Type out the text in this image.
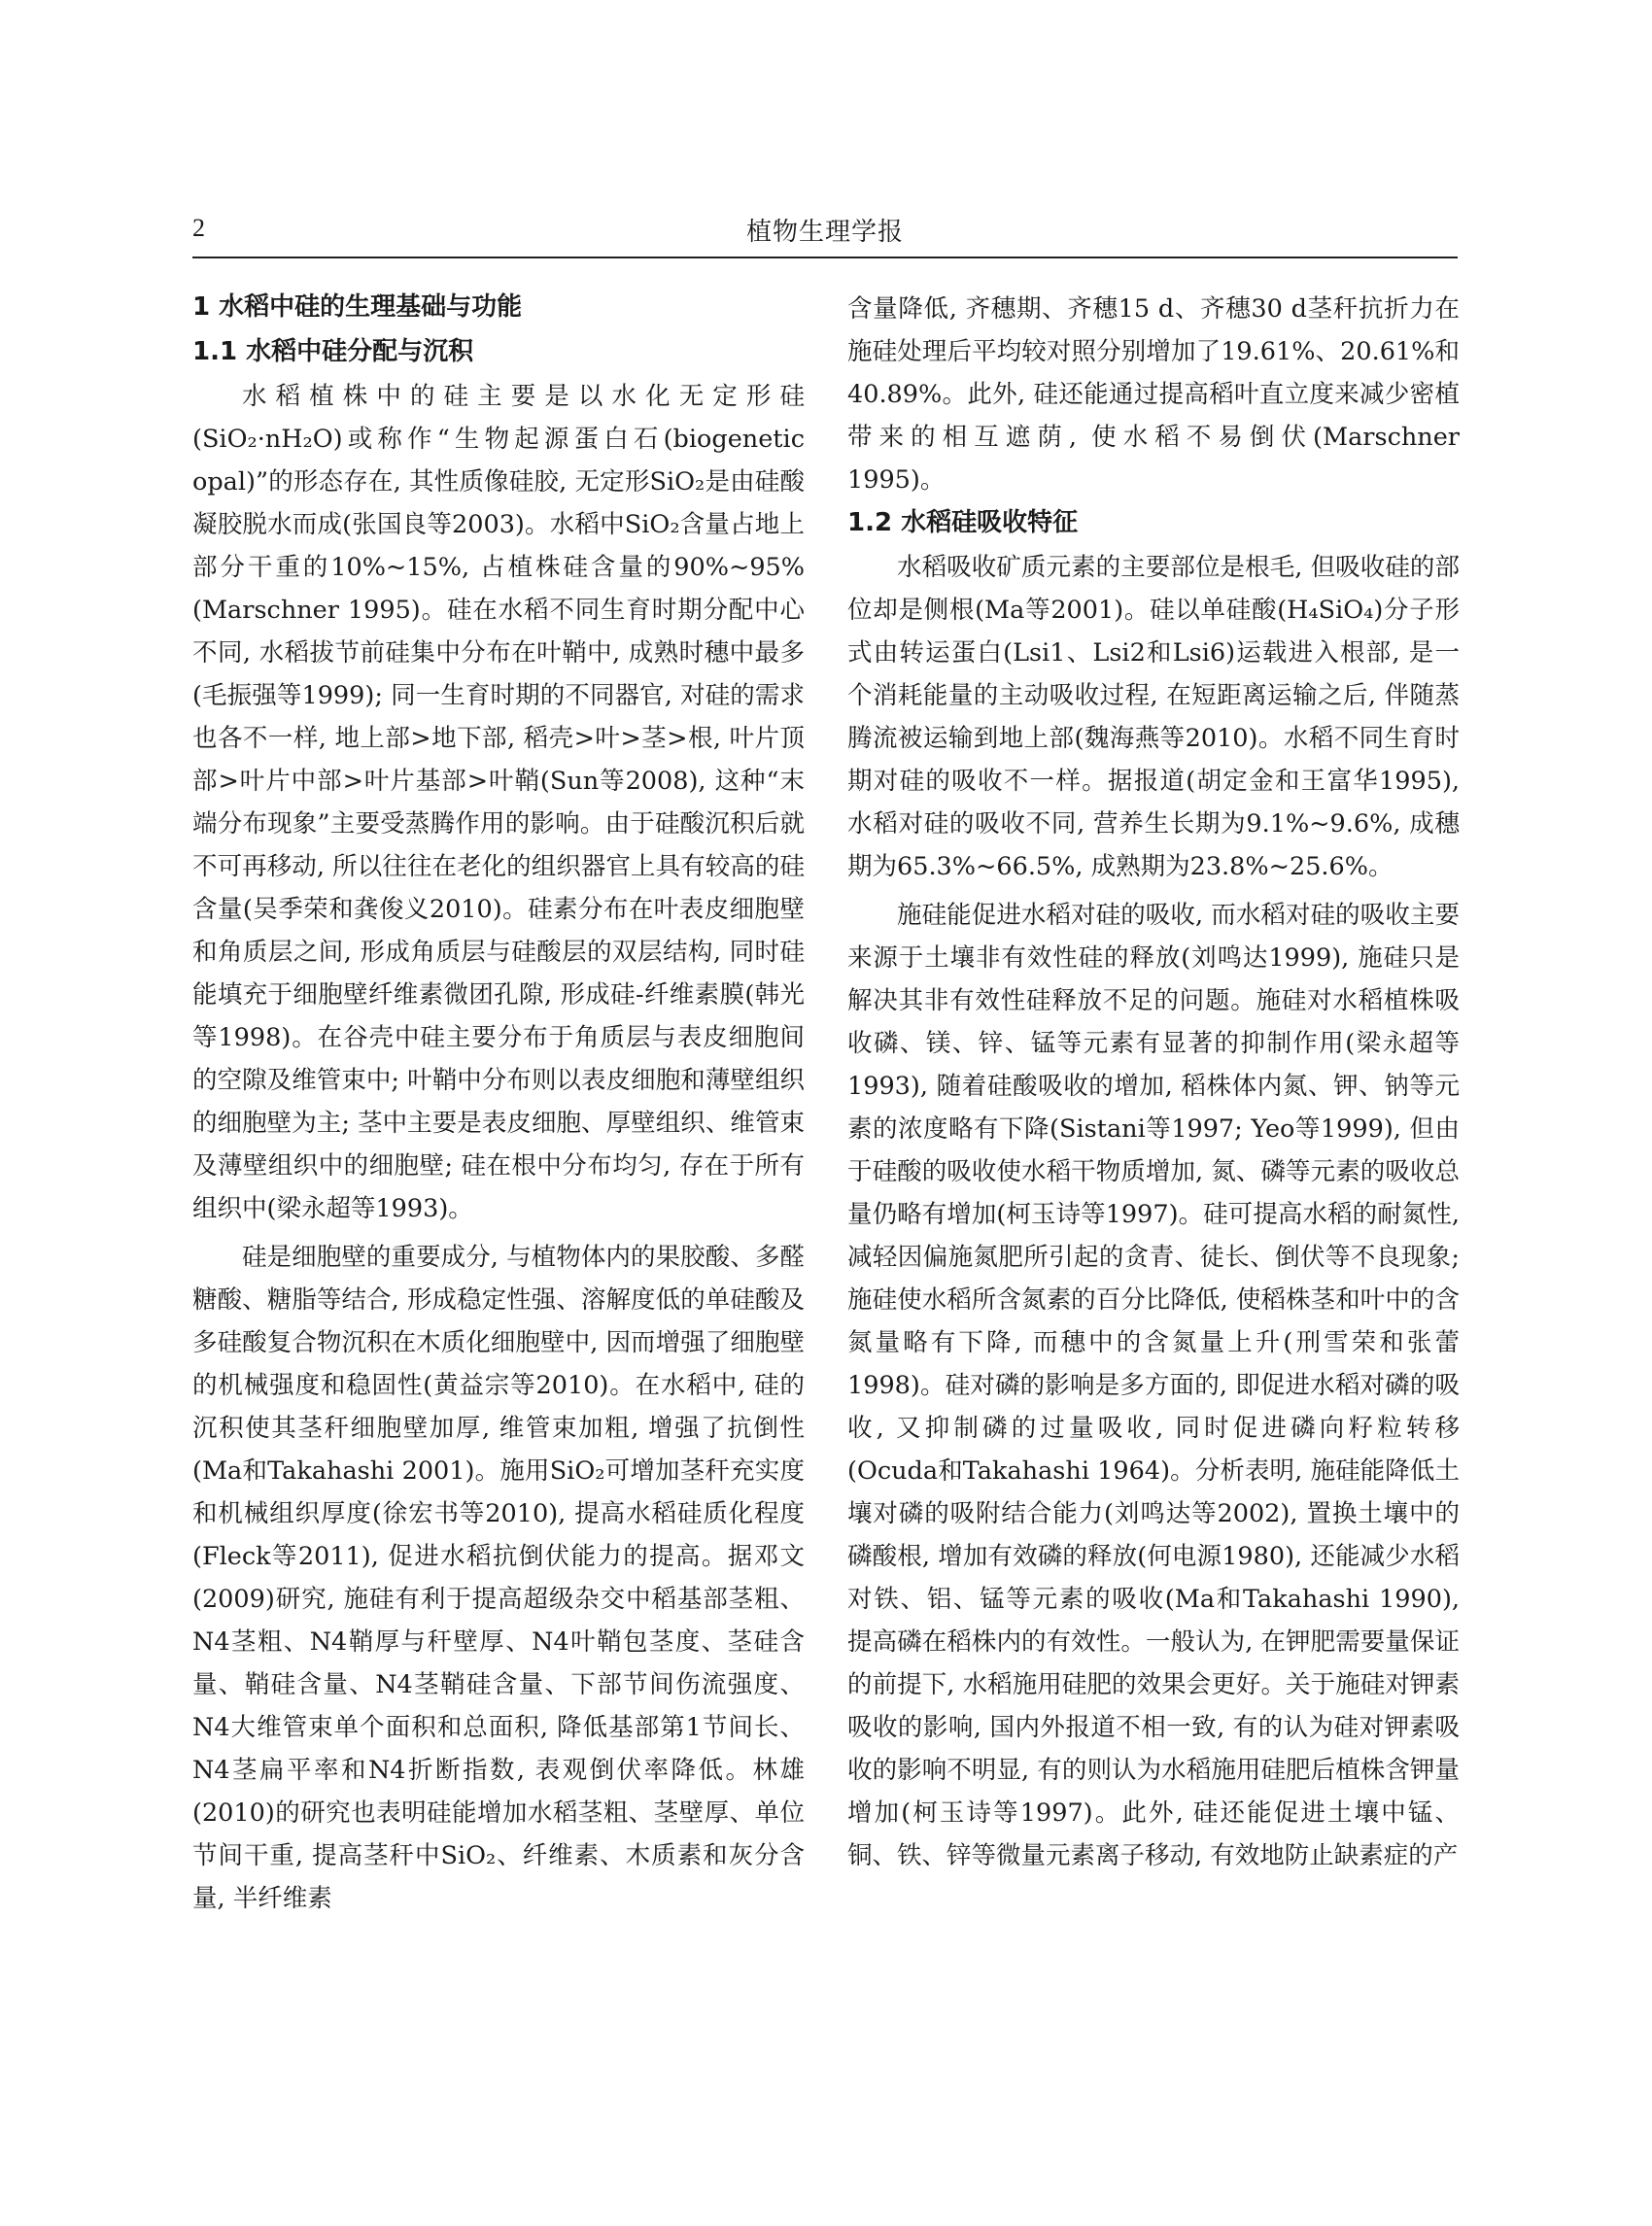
2	植物生理学报
1 水稻中硅的生理基础与功能
1.1 水稻中硅分配与沉积

水稻植株中的硅主要是以水化无定形硅(SiO₂·nH₂O)或称作“生物起源蛋白石(biogenetic opal)”的形态存在, 其性质像硅胶, 无定形SiO₂是由硅酸凝胶脱水而成(张国良等2003)。水稻中SiO₂含量占地上部分干重的10%~15%, 占植株硅含量的90%~95% (Marschner 1995)。硅在水稻不同生育时期分配中心不同, 水稻拔节前硅集中分布在叶鞘中, 成熟时穗中最多(毛振强等1999); 同一生育时期的不同器官, 对硅的需求也各不一样, 地上部>地下部, 稻壳>叶>茎>根, 叶片顶部>叶片中部>叶片基部>叶鞘(Sun等2008), 这种“末端分布现象”主要受蒸腾作用的影响。由于硅酸沉积后就不可再移动, 所以往往在老化的组织器官上具有较高的硅含量(吴季荣和龚俊义2010)。硅素分布在叶表皮细胞壁和角质层之间, 形成角质层与硅酸层的双层结构, 同时硅能填充于细胞壁纤维素微团孔隙, 形成硅-纤维素膜(韩光等1998)。在谷壳中硅主要分布于角质层与表皮细胞间的空隙及维管束中; 叶鞘中分布则以表皮细胞和薄壁组织的细胞壁为主; 茎中主要是表皮细胞、厚壁组织、维管束及薄壁组织中的细胞壁; 硅在根中分布均匀, 存在于所有组织中(梁永超等1993)。

硅是细胞壁的重要成分, 与植物体内的果胶酸、多醛糖酸、糖脂等结合, 形成稳定性强、溶解度低的单硅酸及多硅酸复合物沉积在木质化细胞壁中, 因而增强了细胞壁的机械强度和稳固性(黄益宗等2010)。在水稻中, 硅的沉积使其茎秆细胞壁加厚, 维管束加粗, 增强了抗倒性(Ma和Takahashi 2001)。施用SiO₂可增加茎秆充实度和机械组织厚度(徐宏书等2010), 提高水稻硅质化程度(Fleck等2011), 促进水稻抗倒伏能力的提高。据邓文(2009)研究, 施硅有利于提高超级杂交中稻基部茎粗、N4茎粗、N4鞘厚与秆壁厚、N4叶鞘包茎度、茎硅含量、鞘硅含量、N4茎鞘硅含量、下部节间伤流强度、N4大维管束单个面积和总面积, 降低基部第1节间长、N4茎扁平率和N4折断指数, 表观倒伏率降低。林雄(2010)的研究也表明硅能增加水稻茎粗、茎壁厚、单位节间干重, 提高茎秆中SiO₂、纤维素、木质素和灰分含量, 半纤维素

含量降低, 齐穗期、齐穗15 d、齐穗30 d茎秆抗折力在施硅处理后平均较对照分别增加了19.61%、20.61%和40.89%。此外, 硅还能通过提高稻叶直立度来减少密植带来的相互遮荫, 使水稻不易倒伏(Marschner 1995)。

1.2 水稻硅吸收特征

水稻吸收矿质元素的主要部位是根毛, 但吸收硅的部位却是侧根(Ma等2001)。硅以单硅酸(H₄SiO₄)分子形式由转运蛋白(Lsi1、Lsi2和Lsi6)运载进入根部, 是一个消耗能量的主动吸收过程, 在短距离运输之后, 伴随蒸腾流被运输到地上部(魏海燕等2010)。水稻不同生育时期对硅的吸收不一样。据报道(胡定金和王富华1995), 水稻对硅的吸收不同, 营养生长期为9.1%~9.6%, 成穗期为65.3%~66.5%, 成熟期为23.8%~25.6%。

施硅能促进水稻对硅的吸收, 而水稻对硅的吸收主要来源于土壤非有效性硅的释放(刘鸣达1999), 施硅只是解决其非有效性硅释放不足的问题。施硅对水稻植株吸收磷、镁、锌、锰等元素有显著的抑制作用(梁永超等1993), 随着硅酸吸收的增加, 稻株体内氮、钾、钠等元素的浓度略有下降(Sistani等1997; Yeo等1999), 但由于硅酸的吸收使水稻干物质增加, 氮、磷等元素的吸收总量仍略有增加(柯玉诗等1997)。硅可提高水稻的耐氮性, 减轻因偏施氮肥所引起的贪青、徒长、倒伏等不良现象; 施硅使水稻所含氮素的百分比降低, 使稻株茎和叶中的含氮量略有下降, 而穗中的含氮量上升(刑雪荣和张蕾1998)。硅对磷的影响是多方面的, 即促进水稻对磷的吸收, 又抑制磷的过量吸收, 同时促进磷向籽粒转移(Ocuda和Takahashi 1964)。分析表明, 施硅能降低土壤对磷的吸附结合能力(刘鸣达等2002), 置换土壤中的磷酸根, 增加有效磷的释放(何电源1980), 还能减少水稻对铁、铝、锰等元素的吸收(Ma和Takahashi 1990), 提高磷在稻株内的有效性。一般认为, 在钾肥需要量保证的前提下, 水稻施用硅肥的效果会更好。关于施硅对钾素吸收的影响, 国内外报道不相一致, 有的认为硅对钾素吸收的影响不明显, 有的则认为水稻施用硅肥后植株含钾量增加(柯玉诗等1997)。此外, 硅还能促进土壤中锰、铜、铁、锌等微量元素离子移动, 有效地防止缺素症的产
